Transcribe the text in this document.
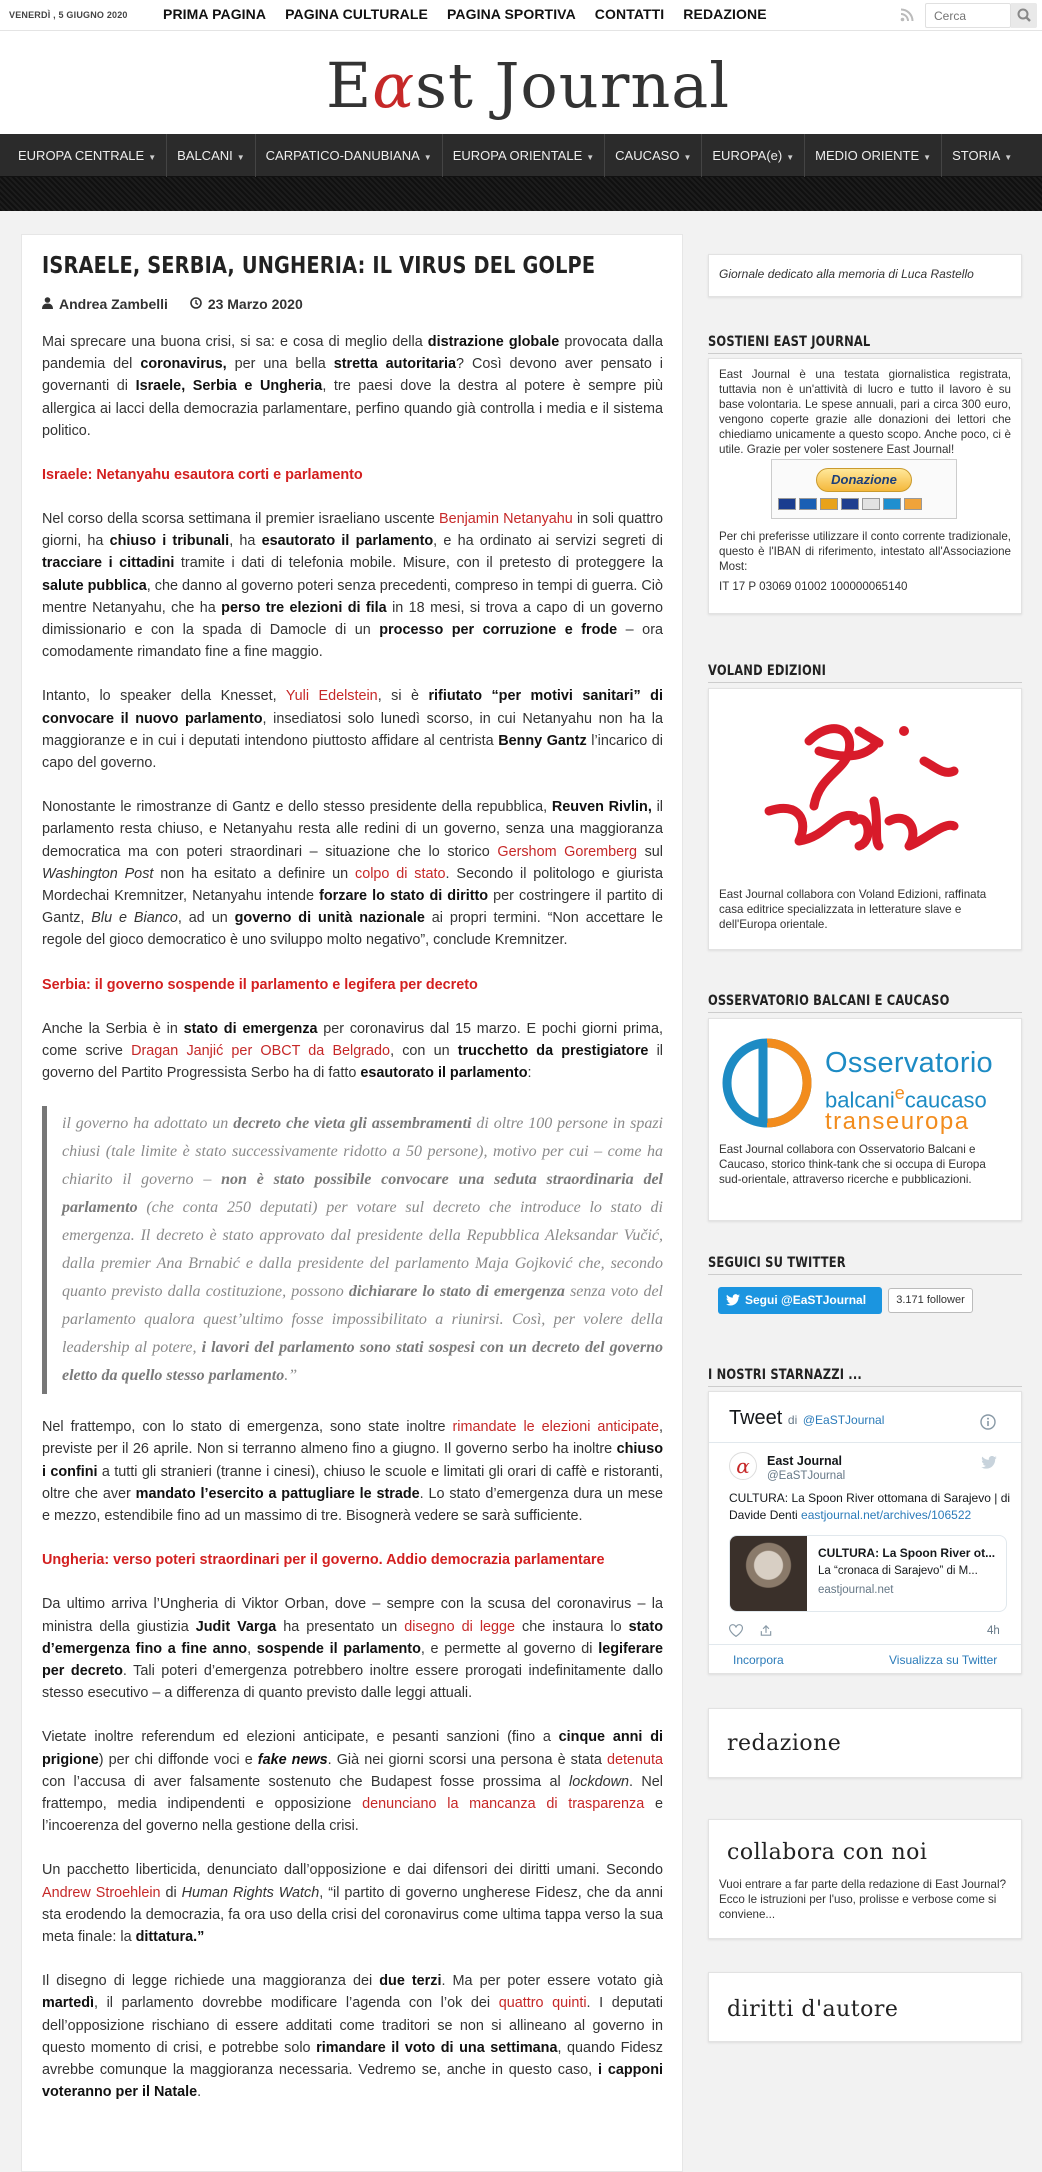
VENERDÌ , 5 GIUGNO 2020	PRIMA PAGINA PAGINA CULTURALE PAGINA SPORTIVA CONTATTI REDAZIONE
Cerca
Eαst Journal
EUROPA CENTRALE ▼	BALCANI ▼	CARPATICO-DANUBIANA ▼	EUROPA ORIENTALE ▼	CAUCASO ▼	EUROPA(e) ▼	MEDIO ORIENTE ▼	STORIA ▼
ISRAELE, SERBIA, UNGHERIA: IL VIRUS DEL GOLPE
Andrea Zambelli	23 Marzo 2020

Mai sprecare una buona crisi, si sa: e cosa di meglio della distrazione globale provocata dalla pandemia del coronavirus, per una bella stretta autoritaria? Così devono aver pensato i governanti di Israele, Serbia e Ungheria, tre paesi dove la destra al potere è sempre più allergica ai lacci della democrazia parlamentare, perfino quando già controlla i media e il sistema politico.

Israele: Netanyahu esautora corti e parlamento

Nel corso della scorsa settimana il premier israeliano uscente Benjamin Netanyahu in soli quattro giorni, ha chiuso i tribunali, ha esautorato il parlamento, e ha ordinato ai servizi segreti di tracciare i cittadini tramite i dati di telefonia mobile. Misure, con il pretesto di proteggere la salute pubblica, che danno al governo poteri senza precedenti, compreso in tempi di guerra. Ciò mentre Netanyahu, che ha perso tre elezioni di fila in 18 mesi, si trova a capo di un governo dimissionario e con la spada di Damocle di un processo per corruzione e frode – ora comodamente rimandato fine a fine maggio.

Intanto, lo speaker della Knesset, Yuli Edelstein, si è rifiutato “per motivi sanitari” di convocare il nuovo parlamento, insediatosi solo lunedì scorso, in cui Netanyahu non ha la maggioranze e in cui i deputati intendono piuttosto affidare al centrista Benny Gantz l’incarico di capo del governo.

Nonostante le rimostranze di Gantz e dello stesso presidente della repubblica, Reuven Rivlin, il parlamento resta chiuso, e Netanyahu resta alle redini di un governo, senza una maggioranza democratica ma con poteri straordinari – situazione che lo storico Gershom Goremberg sul Washington Post non ha esitato a definire un colpo di stato. Secondo il politologo e giurista Mordechai Kremnitzer, Netanyahu intende forzare lo stato di diritto per costringere il partito di Gantz, Blu e Bianco, ad un governo di unità nazionale ai propri termini. “Non accettare le regole del gioco democratico è uno sviluppo molto negativo”, conclude Kremnitzer.

Serbia: il governo sospende il parlamento e legifera per decreto

Anche la Serbia è in stato di emergenza per coronavirus dal 15 marzo. E pochi giorni prima, come scrive Dragan Janjić per OBCT da Belgrado, con un trucchetto da prestigiatore il governo del Partito Progressista Serbo ha di fatto esautorato il parlamento:

il governo ha adottato un decreto che vieta gli assembramenti di oltre 100 persone in spazi chiusi (tale limite è stato successivamente ridotto a 50 persone), motivo per cui – come ha chiarito il governo – non è stato possibile convocare una seduta straordinaria del parlamento (che conta 250 deputati) per votare sul decreto che introduce lo stato di emergenza. Il decreto è stato approvato dal presidente della Repubblica Aleksandar Vučić, dalla premier Ana Brnabić e dalla presidente del parlamento Maja Gojković che, secondo quanto previsto dalla costituzione, possono dichiarare lo stato di emergenza senza voto del parlamento qualora quest’ultimo fosse impossibilitato a riunirsi. Così, per volere della leadership al potere, i lavori del parlamento sono stati sospesi con un decreto del governo eletto da quello stesso parlamento.”

Nel frattempo, con lo stato di emergenza, sono state inoltre rimandate le elezioni anticipate, previste per il 26 aprile. Non si terranno almeno fino a giugno. Il governo serbo ha inoltre chiuso i confini a tutti gli stranieri (tranne i cinesi), chiuso le scuole e limitati gli orari di caffè e ristoranti, oltre che aver mandato l’esercito a pattugliare le strade. Lo stato d’emergenza dura un mese e mezzo, estendibile fino ad un massimo di tre. Bisognerà vedere se sarà sufficiente.

Ungheria: verso poteri straordinari per il governo. Addio democrazia parlamentare

Da ultimo arriva l’Ungheria di Viktor Orban, dove – sempre con la scusa del coronavirus – la ministra della giustizia Judit Varga ha presentato un disegno di legge che instaura lo stato d’emergenza fino a fine anno, sospende il parlamento, e permette al governo di legiferare per decreto. Tali poteri d’emergenza potrebbero inoltre essere prorogati indefinitamente dallo stesso esecutivo – a differenza di quanto previsto dalle leggi attuali.

Vietate inoltre referendum ed elezioni anticipate, e pesanti sanzioni (fino a cinque anni di prigione) per chi diffonde voci e fake news. Già nei giorni scorsi una persona è stata detenuta con l’accusa di aver falsamente sostenuto che Budapest fosse prossima al lockdown. Nel frattempo, media indipendenti e opposizione denunciano la mancanza di trasparenza e l’incoerenza del governo nella gestione della crisi.

Un pacchetto liberticida, denunciato dall’opposizione e dai difensori dei diritti umani. Secondo Andrew Stroehlein di Human Rights Watch, “il partito di governo ungherese Fidesz, che da anni sta erodendo la democrazia, fa ora uso della crisi del coronavirus come ultima tappa verso la sua meta finale: la dittatura.”

Il disegno di legge richiede una maggioranza dei due terzi. Ma per poter essere votato già martedì, il parlamento dovrebbe modificare l’agenda con l’ok dei quattro quinti. I deputati dell’opposizione rischiano di essere additati come traditori se non si allineano al governo in questo momento di crisi, e potrebbe solo rimandare il voto di una settimana, quando Fidesz avrebbe comunque la maggioranza necessaria. Vedremo se, anche in questo caso, i capponi voteranno per il Natale.

Giornale dedicato alla memoria di Luca Rastello
SOSTIENI EAST JOURNAL
East Journal è una testata giornalistica registrata, tuttavia non è un'attività di lucro e tutto il lavoro è su base volontaria. Le spese annuali, pari a circa 300 euro, vengono coperte grazie alle donazioni dei lettori che chiediamo unicamente a questo scopo. Anche poco, ci è utile. Grazie per voler sostenere East Journal!
Donazione
Per chi preferisse utilizzare il conto corrente tradizionale, questo è l'IBAN di riferimento, intestato all'Associazione Most:
IT 17 P 03069 01002 100000065140
VOLAND EDIZIONI
Voland
East Journal collabora con Voland Edizioni, raffinata casa editrice specializzata in letterature slave e dell'Europa orientale.
OSSERVATORIO BALCANI E CAUCASO
Osservatorio
balcani$^e$caucaso
transeuropa
East Journal collabora con Osservatorio Balcani e Caucaso, storico think-tank che si occupa di Europa sud-orientale, attraverso ricerche e pubblicazioni.
SEGUICI SU TWITTER
Segui @EaSTJournal	3.171 follower
I NOSTRI STARNAZZI ...
Tweet di @EaSTJournal
α	East Journal
@EaSTJournal
CULTURA: La Spoon River ottomana di Sarajevo | di Davide Denti eastjournal.net/archives/106522
CULTURA: La Spoon River ot...
La “cronaca di Sarajevo” di M...
eastjournal.net
4h
Incorpora	Visualizza su Twitter
redazione
collabora con noi
Vuoi entrare a far parte della redazione di East Journal? Ecco le istruzioni per l'uso, prolisse e verbose come si conviene...
diritti d'autore
